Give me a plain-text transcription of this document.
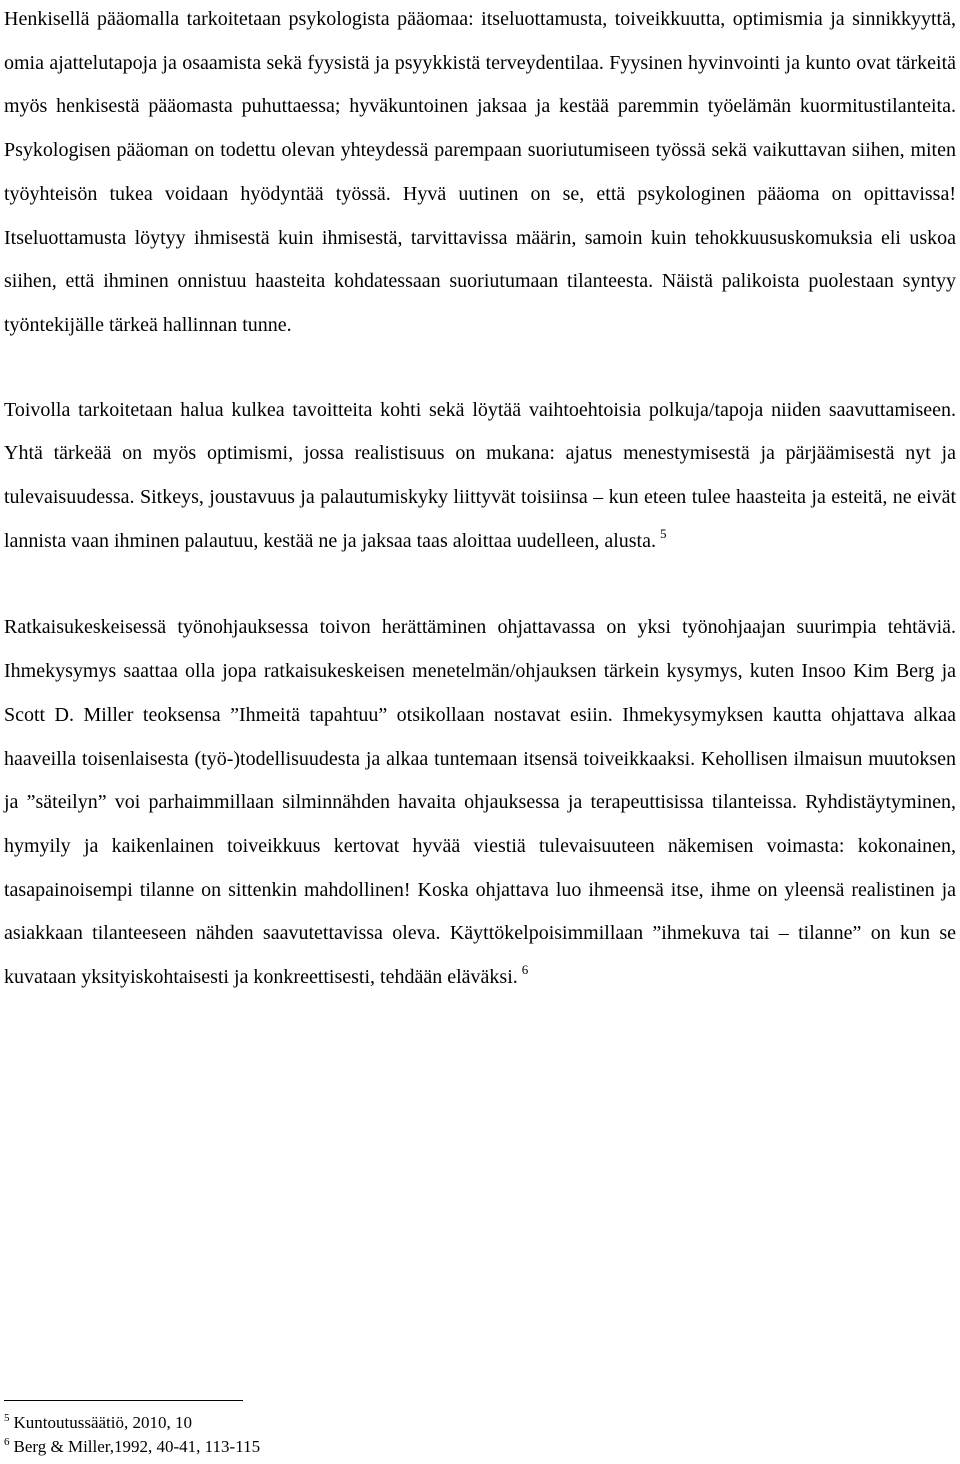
Henkisellä pääomalla tarkoitetaan psykologista pääomaa: itseluottamusta, toiveikkuutta, optimismia ja sinnikkyyttä, omia ajattelutapoja ja osaamista sekä fyysistä ja psyykkistä terveydentilaa. Fyysinen hyvinvointi ja kunto ovat tärkeitä myös henkisestä pääomasta puhuttaessa; hyväkuntoinen jaksaa ja kestää paremmin työelämän kuormitustilanteita. Psykologisen pääoman on todettu olevan yhteydessä parempaan suoriutumiseen työssä sekä vaikuttavan siihen, miten työyhteisön tukea voidaan hyödyntää työssä. Hyvä uutinen on se, että psykologinen pääoma on opittavissa! Itseluottamusta löytyy ihmisestä kuin ihmisestä, tarvittavissa määrin, samoin kuin tehokkuususkomuksia eli uskoa siihen, että ihminen onnistuu haasteita kohdatessaan suoriutumaan tilanteesta. Näistä palikoista puolestaan syntyy työntekijälle tärkeä hallinnan tunne.

Toivolla tarkoitetaan halua kulkea tavoitteita kohti sekä löytää vaihtoehtoisia polkuja/tapoja niiden saavuttamiseen. Yhtä tärkeää on myös optimismi, jossa realistisuus on mukana: ajatus menestymisestä ja pärjäämisestä nyt ja tulevaisuudessa. Sitkeys, joustavuus ja palautumiskyky liittyvät toisiinsa – kun eteen tulee haasteita ja esteitä, ne eivät lannista vaan ihminen palautuu, kestää ne ja jaksaa taas aloittaa uudelleen, alusta. $^5$

Ratkaisukeskeisessä työnohjauksessa toivon herättäminen ohjattavassa on yksi työnohjaajan suurimpia tehtäviä. Ihmekysymys saattaa olla jopa ratkaisukeskeisen menetelmän/ohjauksen tärkein kysymys, kuten Insoo Kim Berg ja Scott D. Miller teoksensa ”Ihmeitä tapahtuu” otsikollaan nostavat esiin. Ihmekysymyksen kautta ohjattava alkaa haaveilla toisenlaisesta (työ-)todellisuudesta ja alkaa tuntemaan itsensä toiveikkaaksi. Kehollisen ilmaisun muutoksen ja ”säteilyn” voi parhaimmillaan silminnähden havaita ohjauksessa ja terapeuttisissa tilanteissa. Ryhdistäytyminen, hymyily ja kaikenlainen toiveikkuus kertovat hyvää viestiä tulevaisuuteen näkemisen voimasta: kokonainen, tasapainoisempi tilanne on sittenkin mahdollinen! Koska ohjattava luo ihmeensä itse, ihme on yleensä realistinen ja asiakkaan tilanteeseen nähden saavutettavissa oleva. Käyttökelpoisimmillaan ”ihmekuva tai – tilanne” on kun se kuvataan yksityiskohtaisesti ja konkreettisesti, tehdään eläväksi. $^6$

$^5$ Kuntoutussäätiö, 2010, 10

$^6$ Berg & Miller,1992, 40-41, 113-115
